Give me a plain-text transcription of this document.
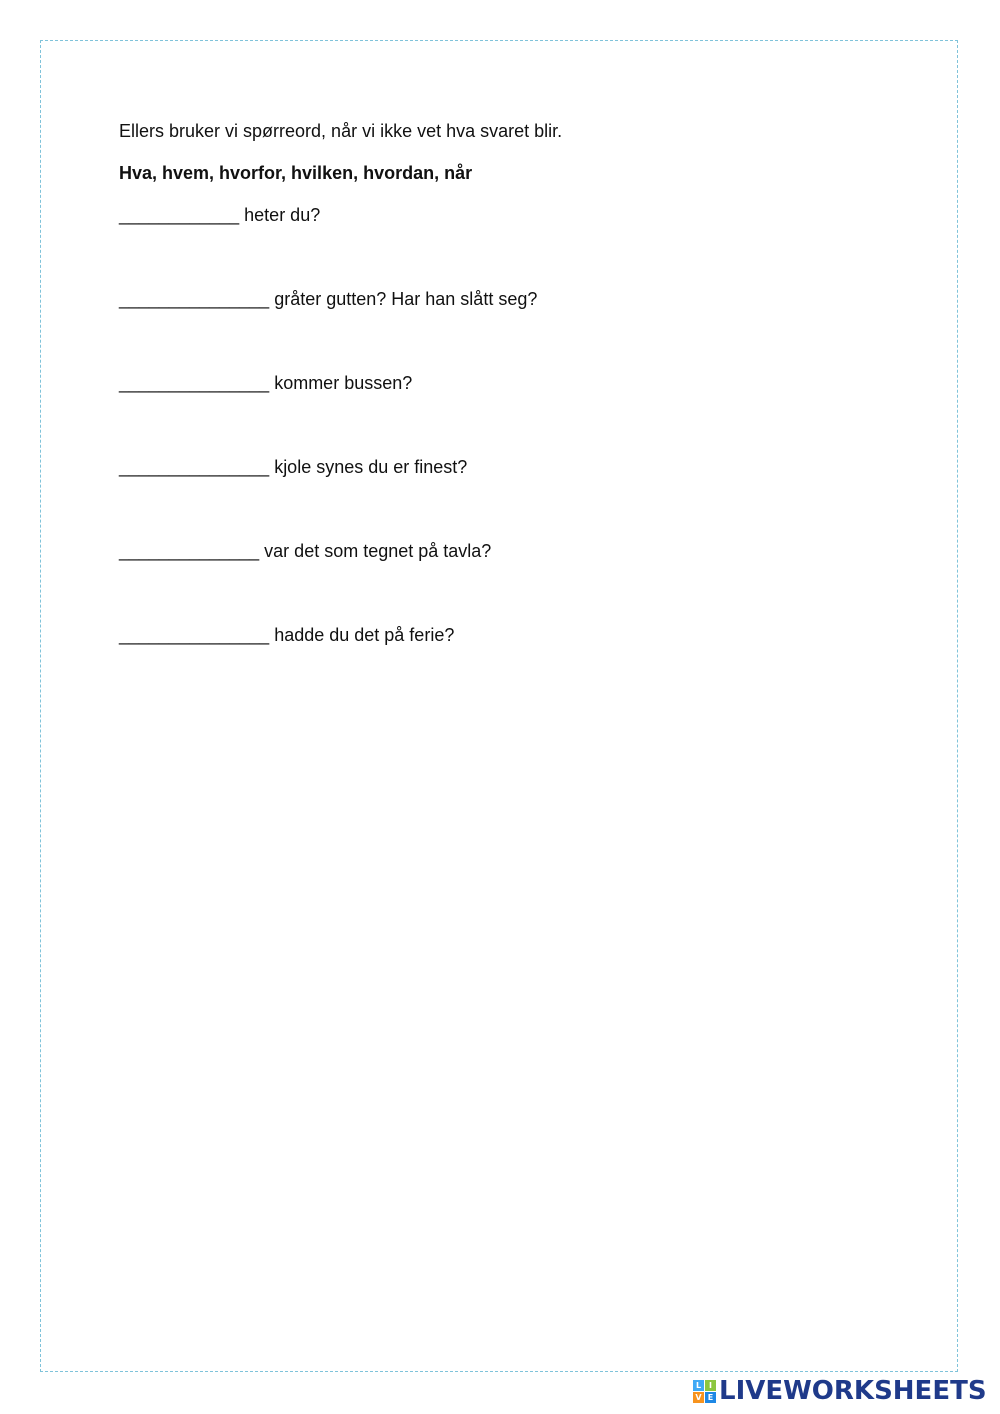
Ellers bruker vi spørreord, når vi ikke vet hva svaret blir.
Hva, hvem, hvorfor, hvilken, hvordan, når
____________ heter du?
_______________ gråter gutten? Har han slått seg?
_______________ kommer bussen?
_______________ kjole synes du er finest?
______________ var det som tegnet på tavla?
_______________ hadde du det på ferie?
L I
V E LIVEWORKSHEETS
